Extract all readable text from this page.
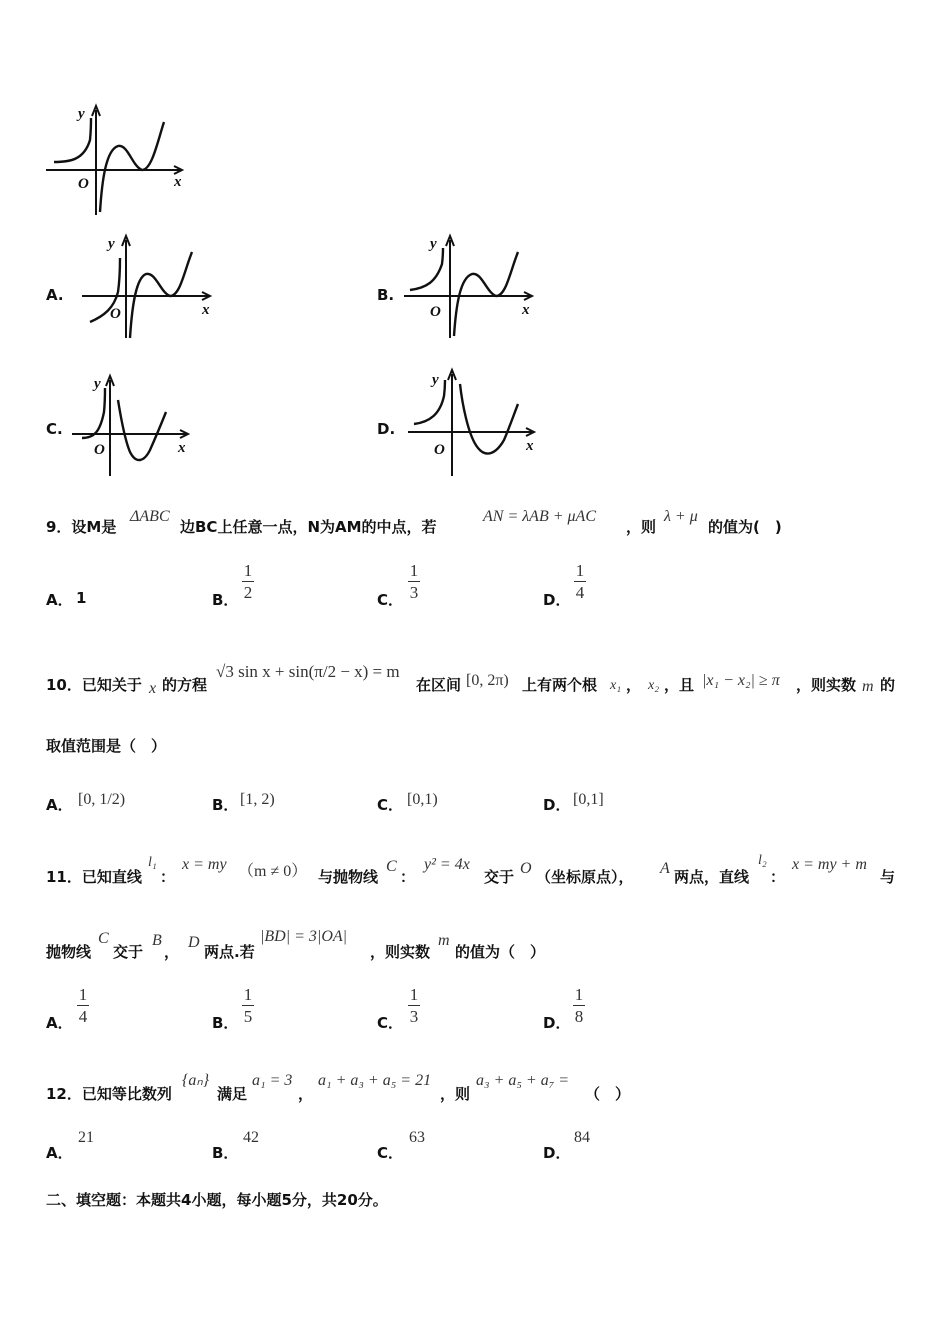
y
x
O
A.
y
x
O
B.
y
x
O
C.
y
x
O
D.
y
x
O
9．设M是
ΔABC
边BC上任意一点，N为AM的中点，若
AN = λAB + μAC
，则
λ + μ
的值为(　)
A． 1	B．
1
2	C．
1
3	D．
1
4
10．已知关于 x 的方程
√3 sin x + sin(π/2 − x) = m
在区间 [0, 2π) 上有两个根 x₁ ， x₂ ，且 |x₁ − x₂| ≥ π ，则实数 m 的
取值范围是（　）
A． [0, 1/2)	B． [1, 2)	C． [0,1)	D． [0,1]
11．已知直线
l₁
：
x = my （m ≠ 0） 与抛物线
C
：
y² = 4x
交于 O （坐标原点）， A 两点，直线
l₂
：
x = my + m
与
抛物线
C
交于
B
，
D
两点.若
|BD| = 3|OA|
，则实数
m
的值为（　）
A．
1
4	B．
1
5	C．
1
3	D．
1
8
12．已知等比数列
{aₙ}
满足
a₁ = 3
，
a₁ + a₃ + a₅ = 21
，则
a₃ + a₅ + a₇ =
（　）
A．
21
B．
42
C．
63
D．
84
二、填空题：本题共4小题，每小题5分，共20分。
